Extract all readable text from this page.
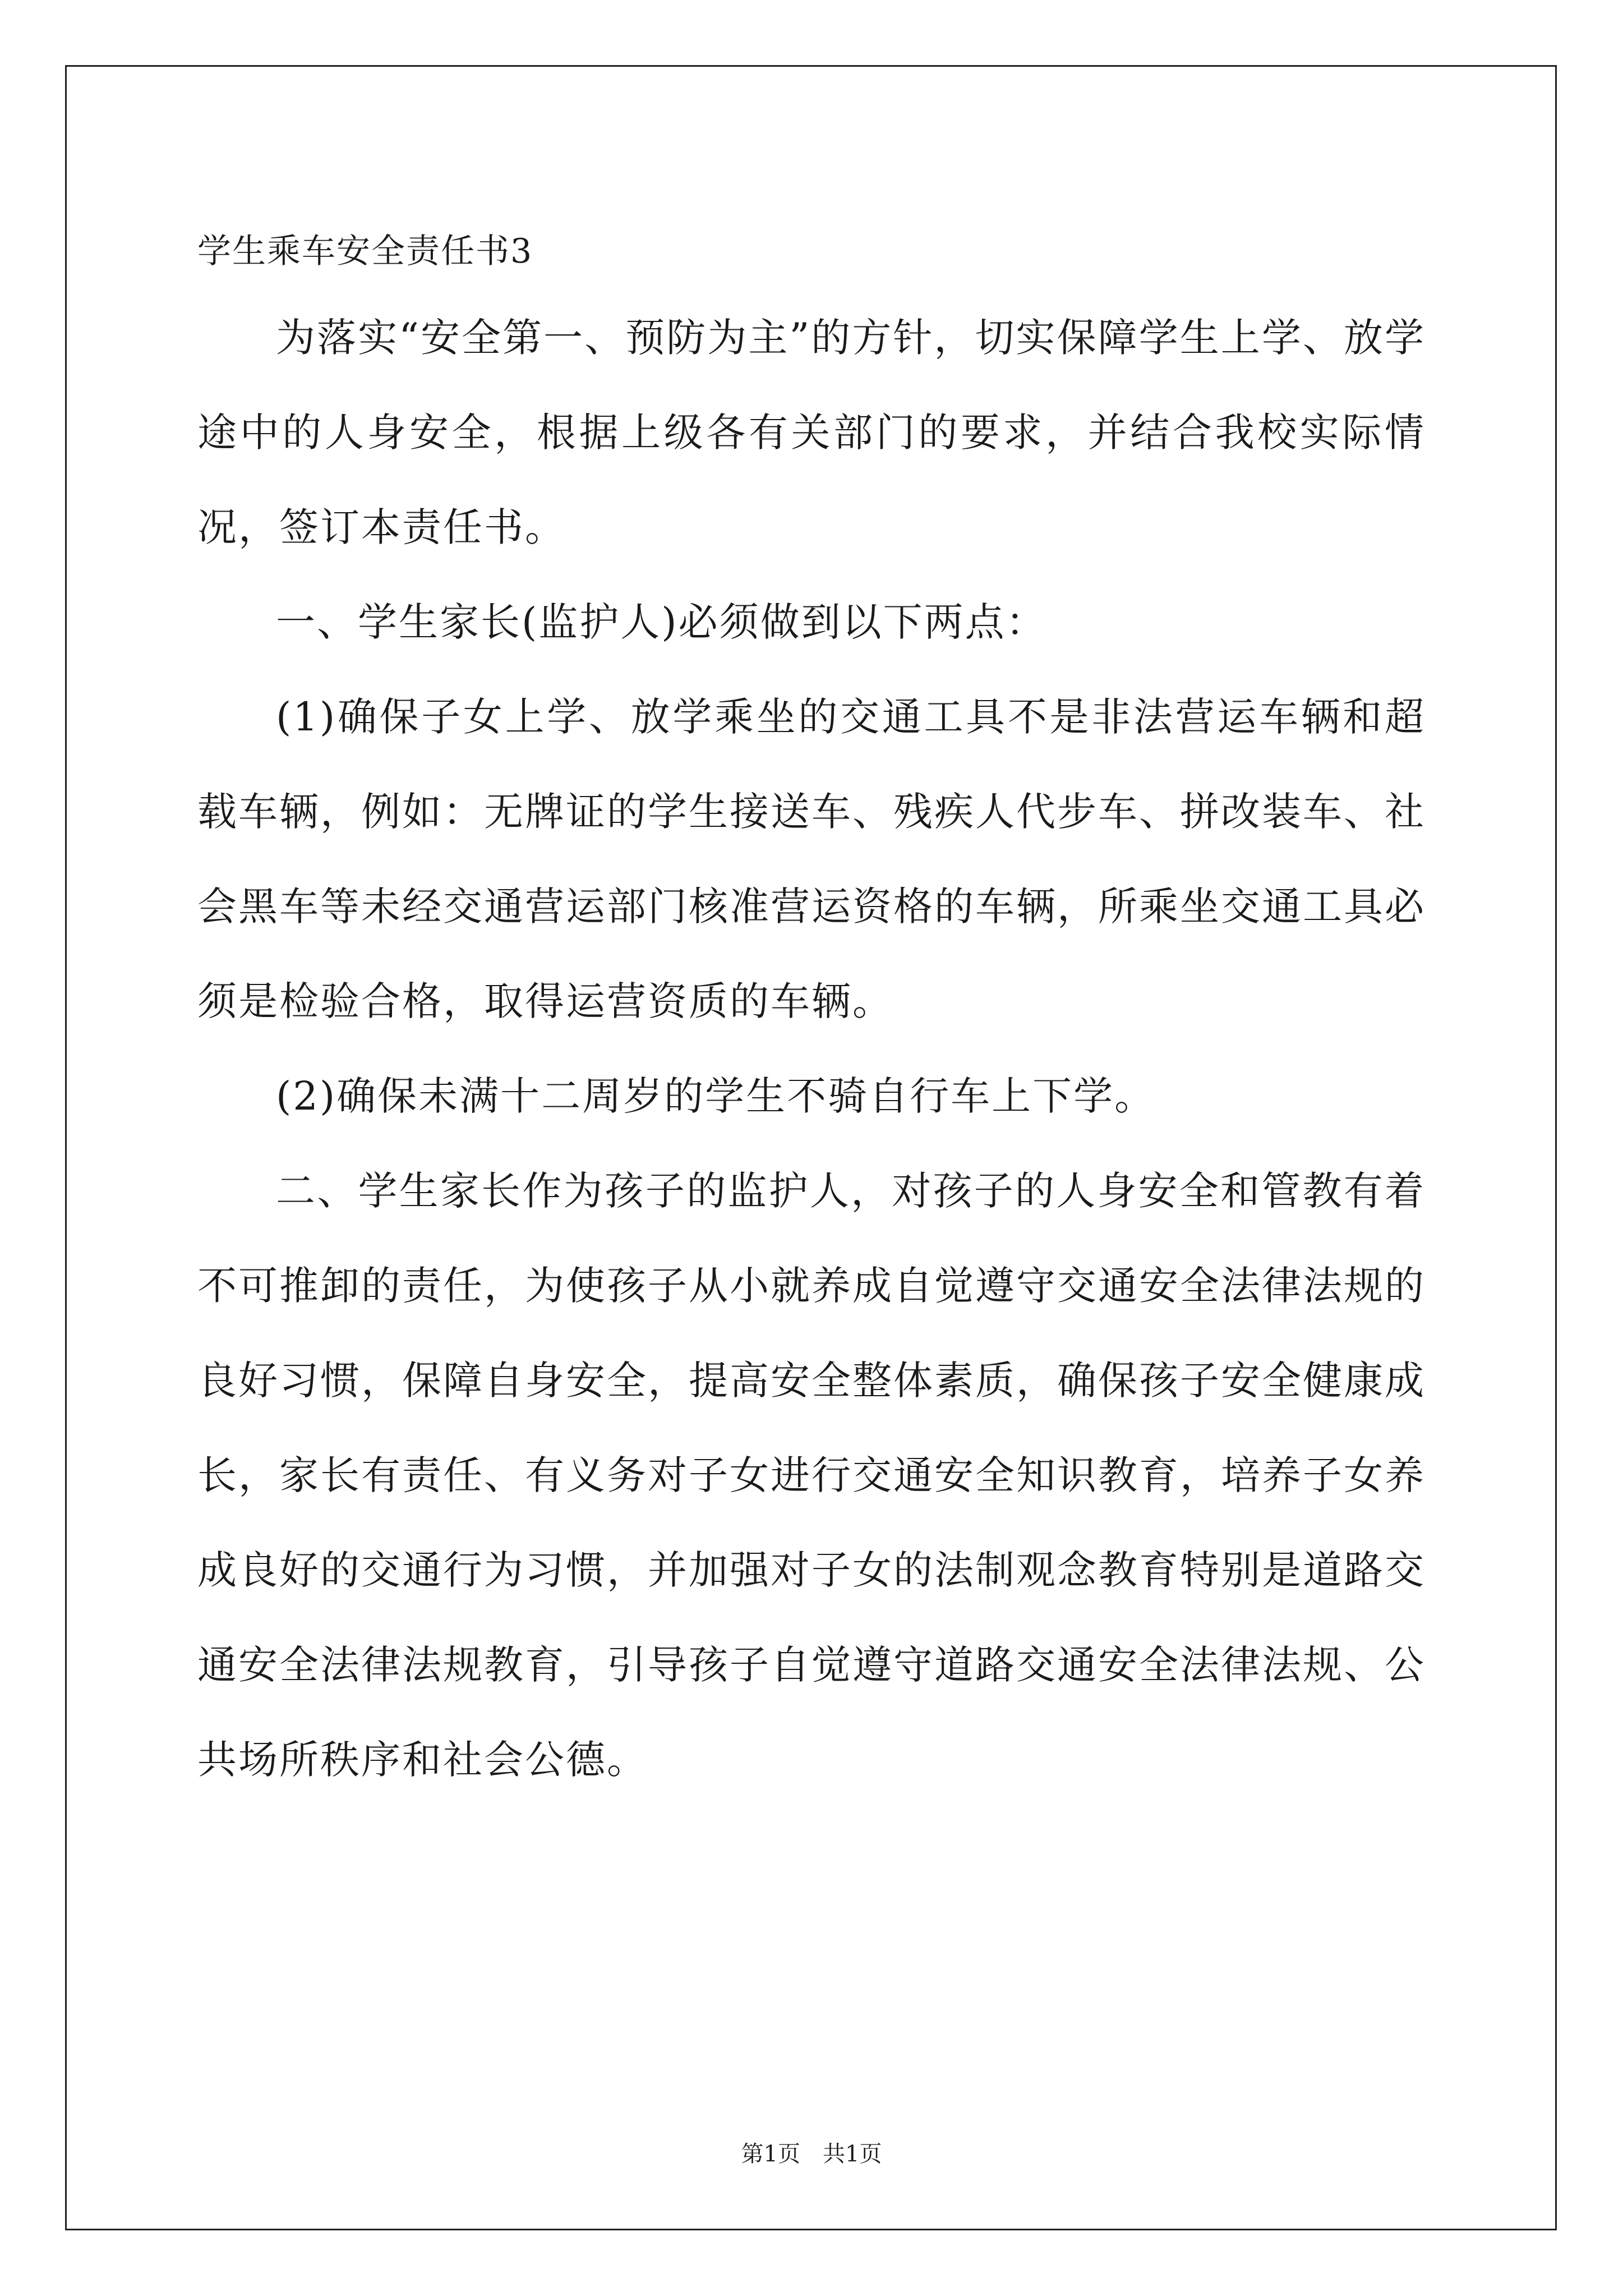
学生乘车安全责任书3

为落实“安全第一、预防为主”的方针，切实保障学生上学、放学途中的人身安全，根据上级各有关部门的要求，并结合我校实际情况，签订本责任书。

一、学生家长(监护人)必须做到以下两点：

(1)确保子女上学、放学乘坐的交通工具不是非法营运车辆和超载车辆，例如：无牌证的学生接送车、残疾人代步车、拼改装车、社会黑车等未经交通营运部门核准营运资格的车辆，所乘坐交通工具必须是检验合格，取得运营资质的车辆。

(2)确保未满十二周岁的学生不骑自行车上下学。

二、学生家长作为孩子的监护人，对孩子的人身安全和管教有着不可推卸的责任，为使孩子从小就养成自觉遵守交通安全法律法规的良好习惯，保障自身安全，提高安全整体素质，确保孩子安全健康成长，家长有责任、有义务对子女进行交通安全知识教育，培养子女养成良好的交通行为习惯，并加强对子女的法制观念教育特别是道路交通安全法律法规教育，引导孩子自觉遵守道路交通安全法律法规、公共场所秩序和社会公德。

第1页 共1页
